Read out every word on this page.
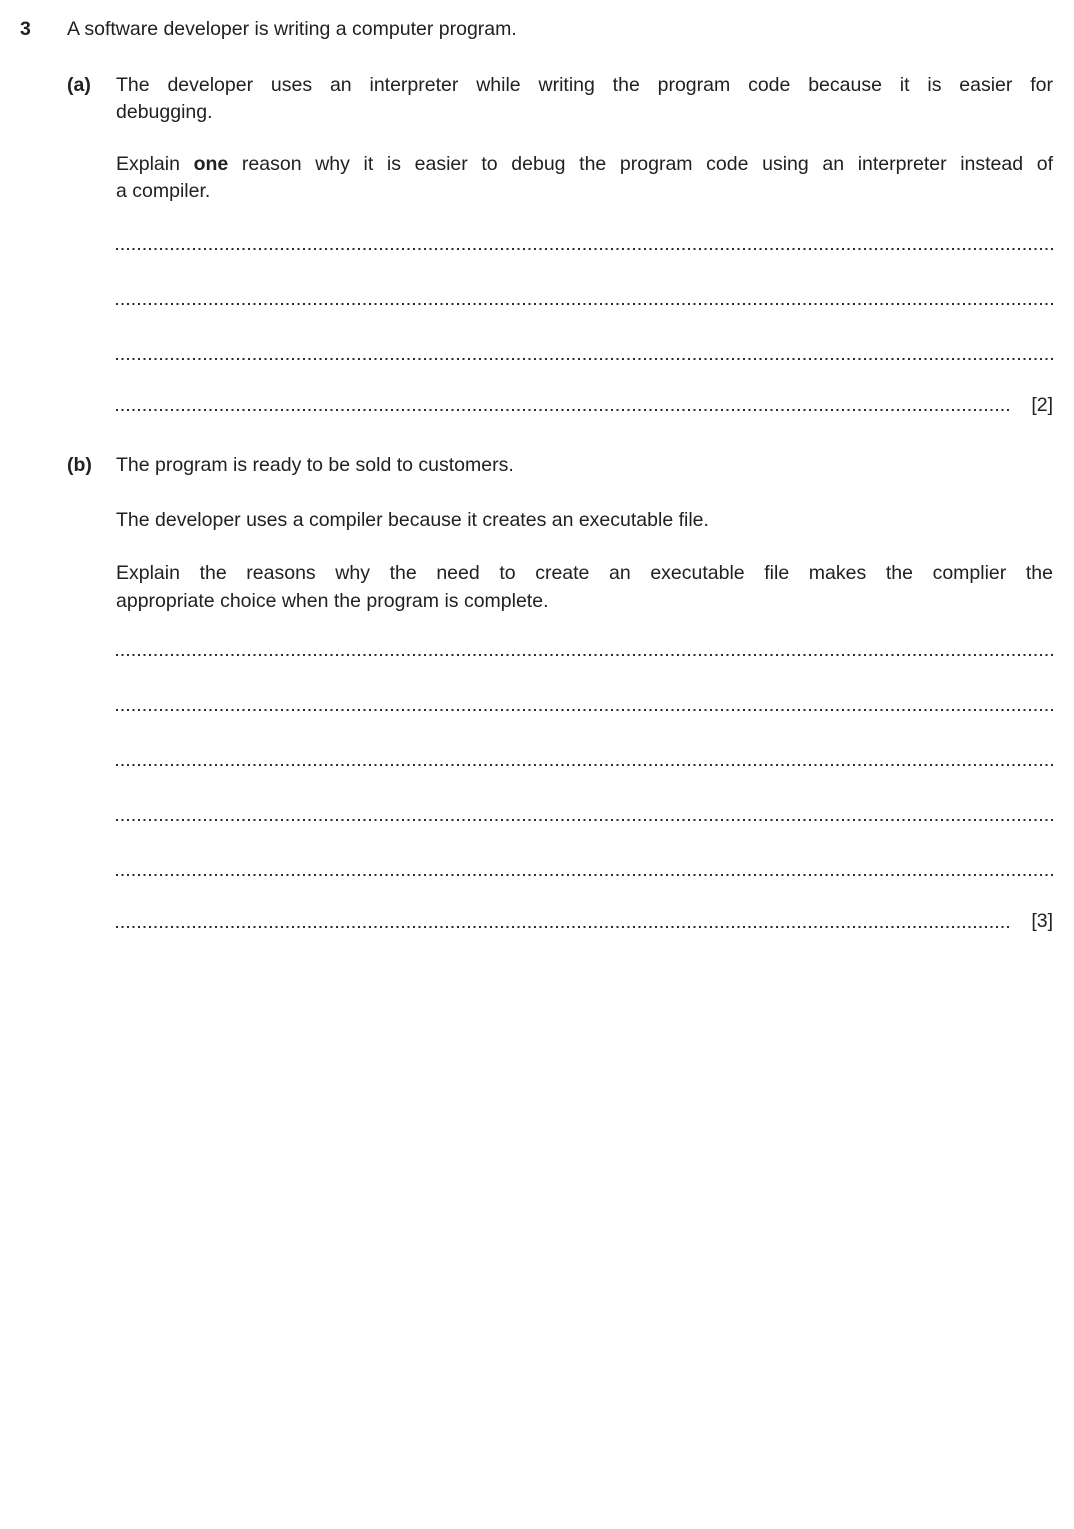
3	A software developer is writing a computer program.
(a)	The developer uses an interpreter while writing the program code because it is easier for
debugging.
Explain one reason why it is easier to debug the program code using an interpreter instead of
a compiler.
[2]
(b)	The program is ready to be sold to customers.
The developer uses a compiler because it creates an executable file.
Explain the reasons why the need to create an executable file makes the complier the
appropriate choice when the program is complete.
[3]
